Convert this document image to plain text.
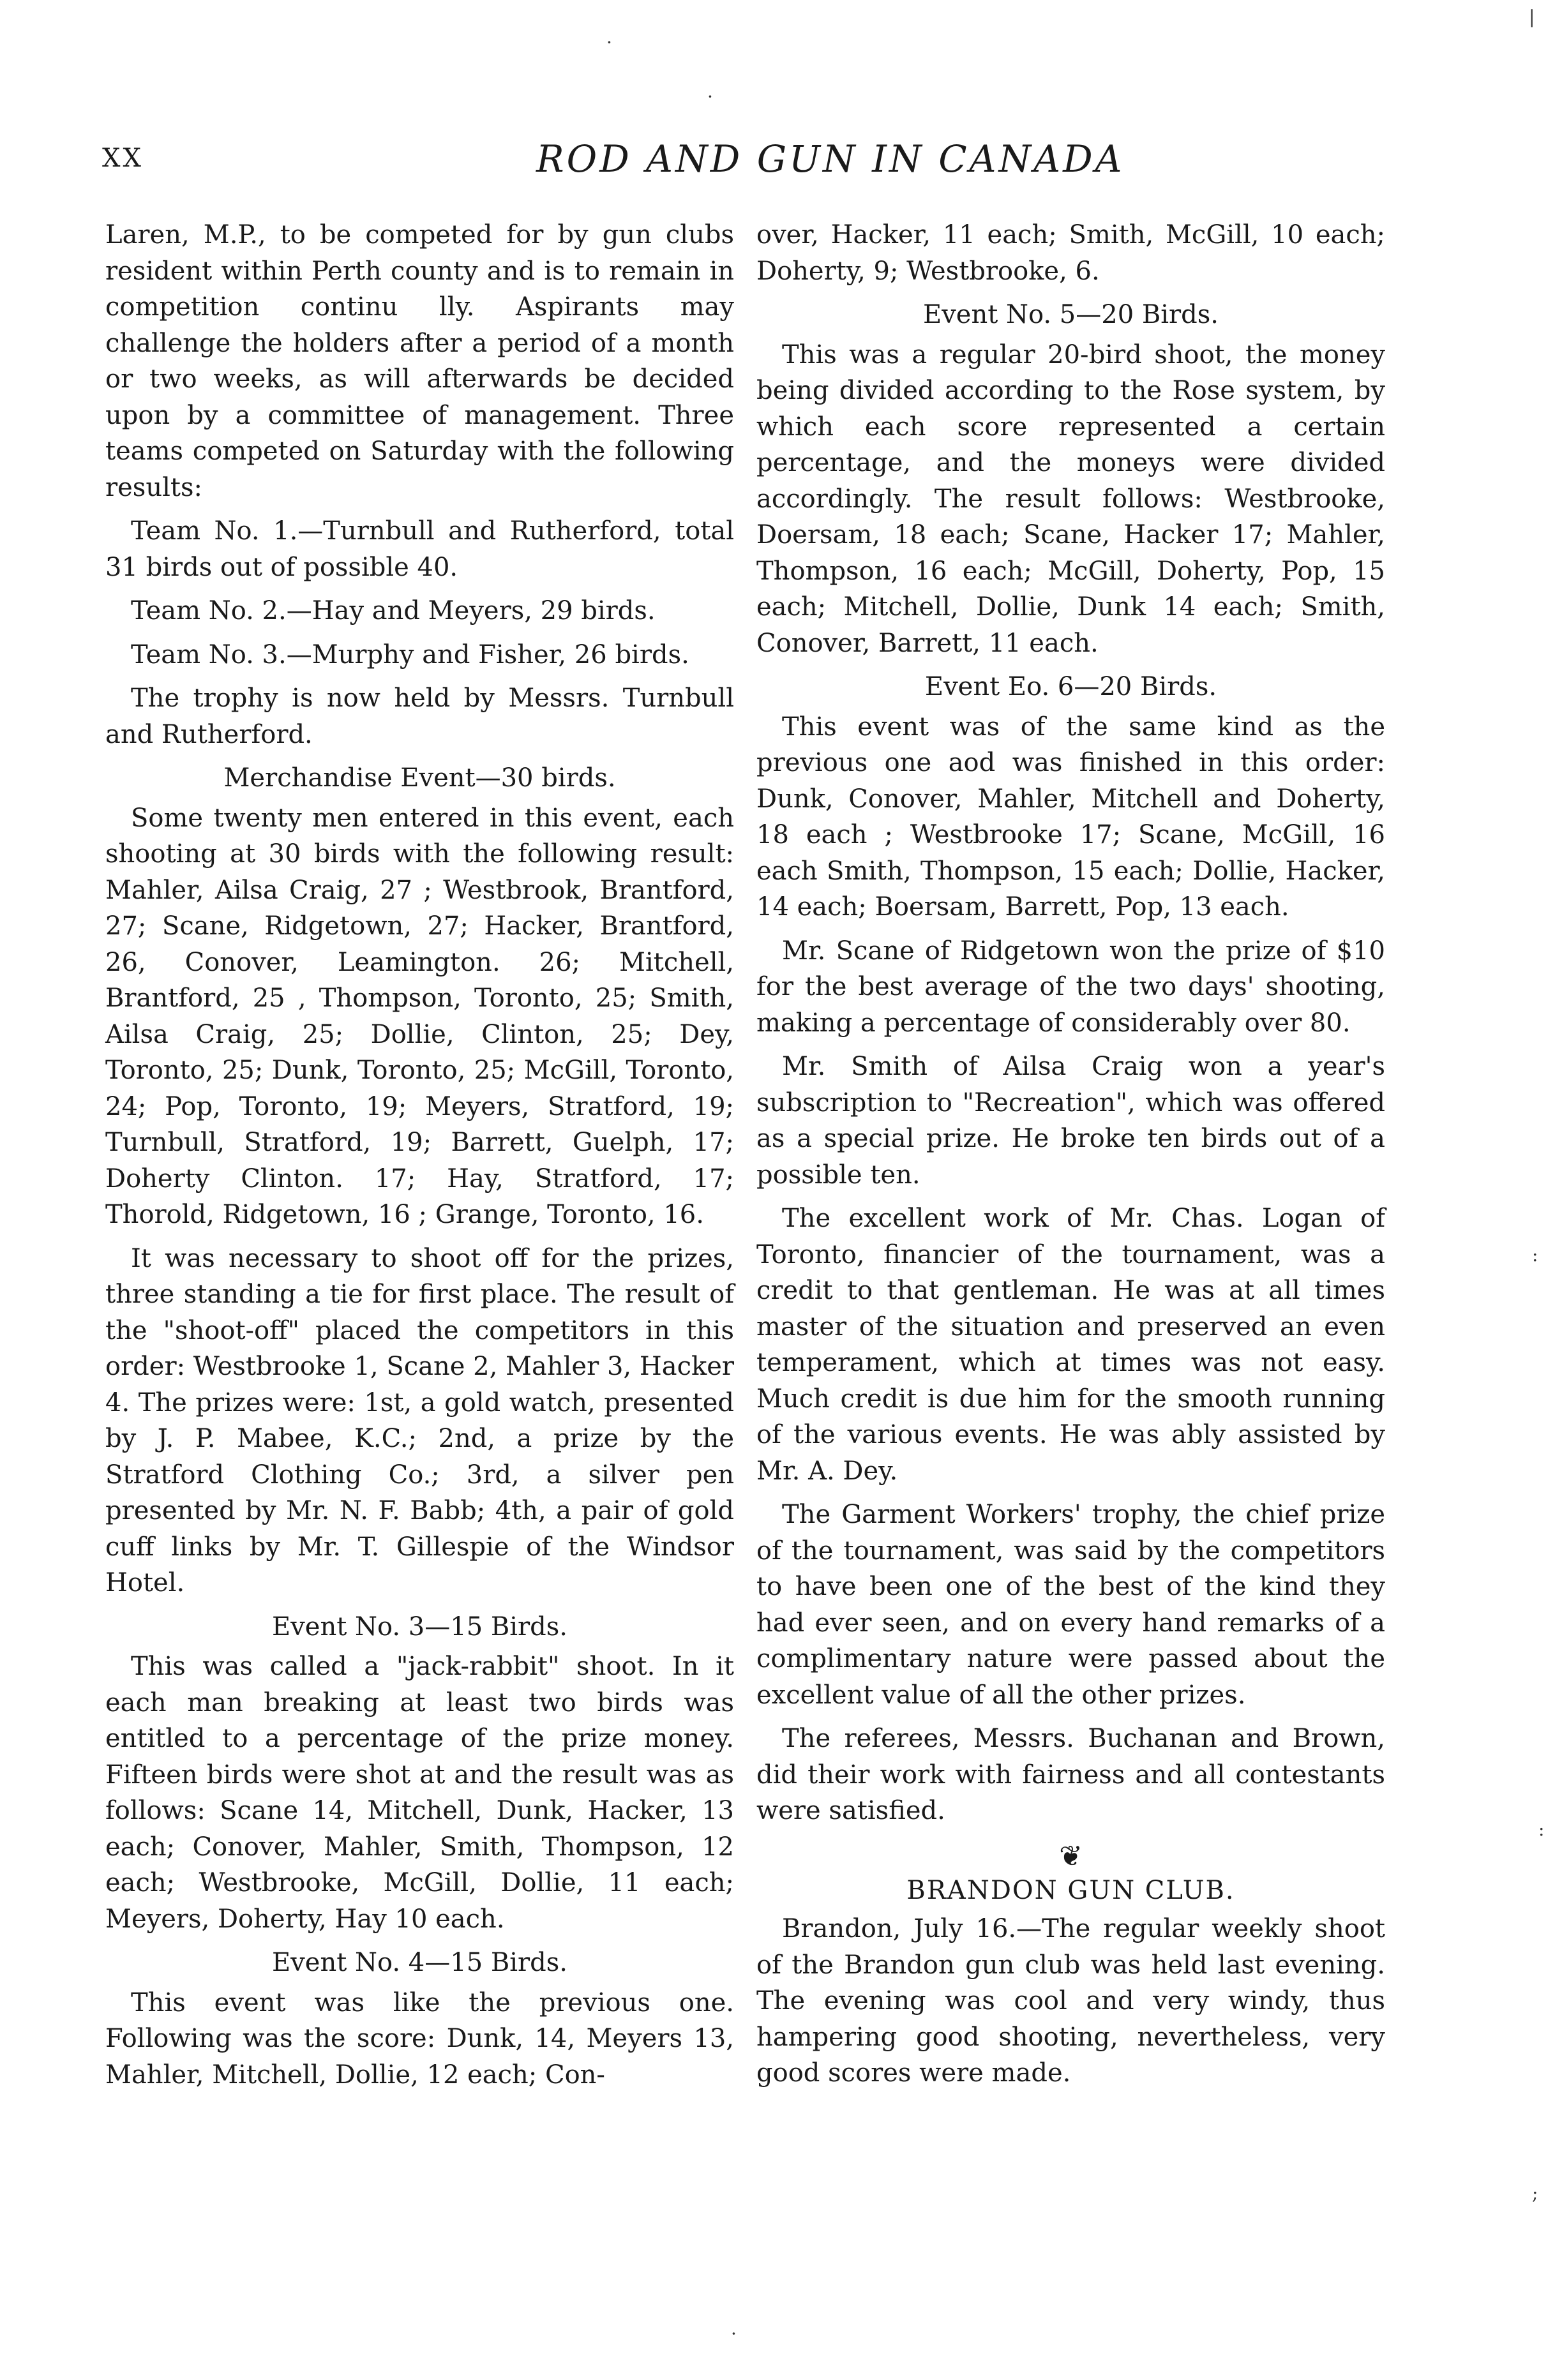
XX	ROD AND GUN IN CANADA

Laren, M.P., to be competed for by gun clubs resident within Perth county and is to remain in competition continu lly. Aspirants may challenge the holders after a period of a month or two weeks, as will afterwards be decided upon by a committee of management. Three teams competed on Saturday with the following results:

Team No. 1.—Turnbull and Rutherford, total 31 birds out of possible 40.

Team No. 2.—Hay and Meyers, 29 birds.

Team No. 3.—Murphy and Fisher, 26 birds.

The trophy is now held by Messrs. Turnbull and Rutherford.

Merchandise Event—30 birds.

Some twenty men entered in this event, each shooting at 30 birds with the following result: Mahler, Ailsa Craig, 27 ; Westbrook, Brantford, 27; Scane, Ridgetown, 27; Hacker, Brantford, 26, Conover, Leamington. 26; Mitchell, Brantford, 25 , Thompson, Toronto, 25; Smith, Ailsa Craig, 25; Dollie, Clinton, 25; Dey, Toronto, 25; Dunk, Toronto, 25; McGill, Toronto, 24; Pop, Toronto, 19; Meyers, Stratford, 19; Turnbull, Stratford, 19; Barrett, Guelph, 17; Doherty Clinton. 17; Hay, Stratford, 17; Thorold, Ridgetown, 16 ; Grange, Toronto, 16.

It was necessary to shoot off for the prizes, three standing a tie for first place. The result of the "shoot-off" placed the competitors in this order: Westbrooke 1, Scane 2, Mahler 3, Hacker 4. The prizes were: 1st, a gold watch, presented by J. P. Mabee, K.C.; 2nd, a prize by the Stratford Clothing Co.; 3rd, a silver pen presented by Mr. N. F. Babb; 4th, a pair of gold cuff links by Mr. T. Gillespie of the Windsor Hotel.

Event No. 3—15 Birds.

This was called a "jack-rabbit" shoot. In it each man breaking at least two birds was entitled to a percentage of the prize money. Fifteen birds were shot at and the result was as follows: Scane 14, Mitchell, Dunk, Hacker, 13 each; Conover, Mahler, Smith, Thompson, 12 each; Westbrooke, McGill, Dollie, 11 each; Meyers, Doherty, Hay 10 each.

Event No. 4—15 Birds.

This event was like the previous one. Following was the score: Dunk, 14, Meyers 13, Mahler, Mitchell, Dollie, 12 each; Con-

over, Hacker, 11 each; Smith, McGill, 10 each; Doherty, 9; Westbrooke, 6.

Event No. 5—20 Birds.

This was a regular 20-bird shoot, the money being divided according to the Rose system, by which each score represented a certain percentage, and the moneys were divided accordingly. The result follows: Westbrooke, Doersam, 18 each; Scane, Hacker 17; Mahler, Thompson, 16 each; McGill, Doherty, Pop, 15 each; Mitchell, Dollie, Dunk 14 each; Smith, Conover, Barrett, 11 each.

Event Eo. 6—20 Birds.

This event was of the same kind as the previous one aod was finished in this order: Dunk, Conover, Mahler, Mitchell and Doherty, 18 each ; Westbrooke 17; Scane, McGill, 16 each Smith, Thompson, 15 each; Dollie, Hacker, 14 each; Boersam, Barrett, Pop, 13 each.

Mr. Scane of Ridgetown won the prize of $10 for the best average of the two days' shooting, making a percentage of considerably over 80.

Mr. Smith of Ailsa Craig won a year's subscription to "Recreation", which was offered as a special prize. He broke ten birds out of a possible ten.

The excellent work of Mr. Chas. Logan of Toronto, financier of the tournament, was a credit to that gentleman. He was at all times master of the situation and preserved an even temperament, which at times was not easy. Much credit is due him for the smooth running of the various events. He was ably assisted by Mr. A. Dey.

The Garment Workers' trophy, the chief prize of the tournament, was said by the competitors to have been one of the best of the kind they had ever seen, and on every hand remarks of a complimentary nature were passed about the excellent value of all the other prizes.

The referees, Messrs. Buchanan and Brown, did their work with fairness and all contestants were satisfied.

❦
BRANDON GUN CLUB.

Brandon, July 16.—The regular weekly shoot of the Brandon gun club was held last evening. The evening was cool and very windy, thus hampering good shooting, nevertheless, very good scores were made.

·
·
|
:
:
;
·
